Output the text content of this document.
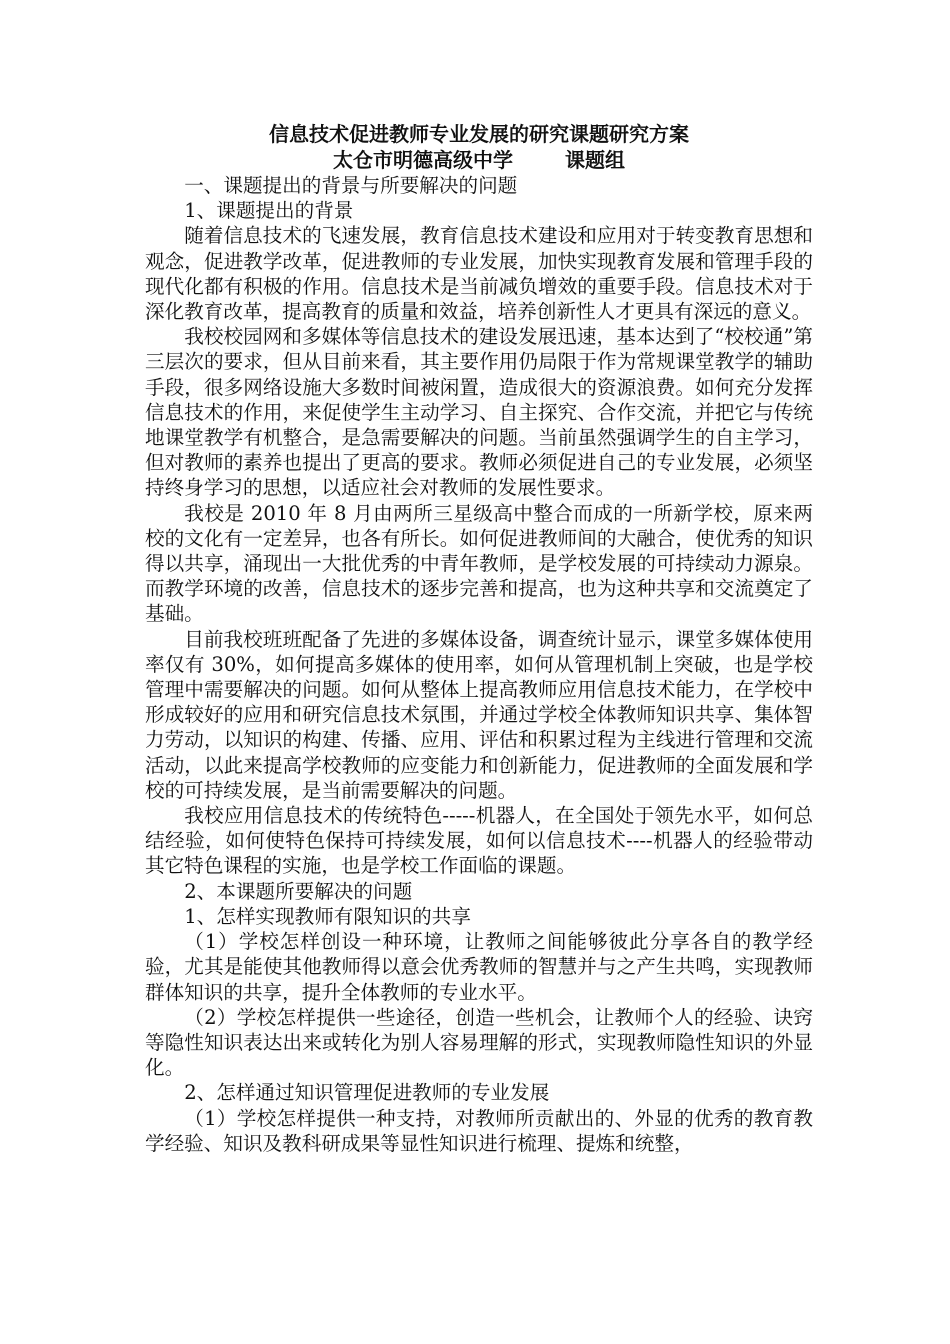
信息技术促进教师专业发展的研究课题研究方案

太仓市明德高级中学	课题组

一、课题提出的背景与所要解决的问题

1、课题提出的背景

随着信息技术的飞速发展，教育信息技术建设和应用对于转变教育思想和观念，促进教学改革，促进教师的专业发展，加快实现教育发展和管理手段的现代化都有积极的作用。信息技术是当前减负增效的重要手段。信息技术对于深化教育改革，提高教育的质量和效益，培养创新性人才更具有深远的意义。

我校校园网和多媒体等信息技术的建设发展迅速，基本达到了“校校通”第三层次的要求，但从目前来看，其主要作用仍局限于作为常规课堂教学的辅助手段，很多网络设施大多数时间被闲置，造成很大的资源浪费。如何充分发挥信息技术的作用，来促使学生主动学习、自主探究、合作交流，并把它与传统地课堂教学有机整合，是急需要解决的问题。当前虽然强调学生的自主学习，但对教师的素养也提出了更高的要求。教师必须促进自己的专业发展，必须坚持终身学习的思想，以适应社会对教师的发展性要求。

我校是 2010 年 8 月由两所三星级高中整合而成的一所新学校，原来两校的文化有一定差异，也各有所长。如何促进教师间的大融合，使优秀的知识得以共享，涌现出一大批优秀的中青年教师，是学校发展的可持续动力源泉。而教学环境的改善，信息技术的逐步完善和提高，也为这种共享和交流奠定了基础。

目前我校班班配备了先进的多媒体设备，调查统计显示，课堂多媒体使用率仅有 30%，如何提高多媒体的使用率，如何从管理机制上突破，也是学校管理中需要解决的问题。如何从整体上提高教师应用信息技术能力，在学校中形成较好的应用和研究信息技术氛围，并通过学校全体教师知识共享、集体智力劳动，以知识的构建、传播、应用、评估和积累过程为主线进行管理和交流活动，以此来提高学校教师的应变能力和创新能力，促进教师的全面发展和学校的可持续发展，是当前需要解决的问题。

我校应用信息技术的传统特色-----机器人，在全国处于领先水平，如何总结经验，如何使特色保持可持续发展，如何以信息技术----机器人的经验带动其它特色课程的实施，也是学校工作面临的课题。

2、本课题所要解决的问题

1、怎样实现教师有限知识的共享

（1）学校怎样创设一种环境，让教师之间能够彼此分享各自的教学经验，尤其是能使其他教师得以意会优秀教师的智慧并与之产生共鸣，实现教师群体知识的共享，提升全体教师的专业水平。

（2）学校怎样提供一些途径，创造一些机会，让教师个人的经验、诀窍等隐性知识表达出来或转化为别人容易理解的形式，实现教师隐性知识的外显化。

2、怎样通过知识管理促进教师的专业发展

（1）学校怎样提供一种支持，对教师所贡献出的、外显的优秀的教育教学经验、知识及教科研成果等显性知识进行梳理、提炼和统整，
